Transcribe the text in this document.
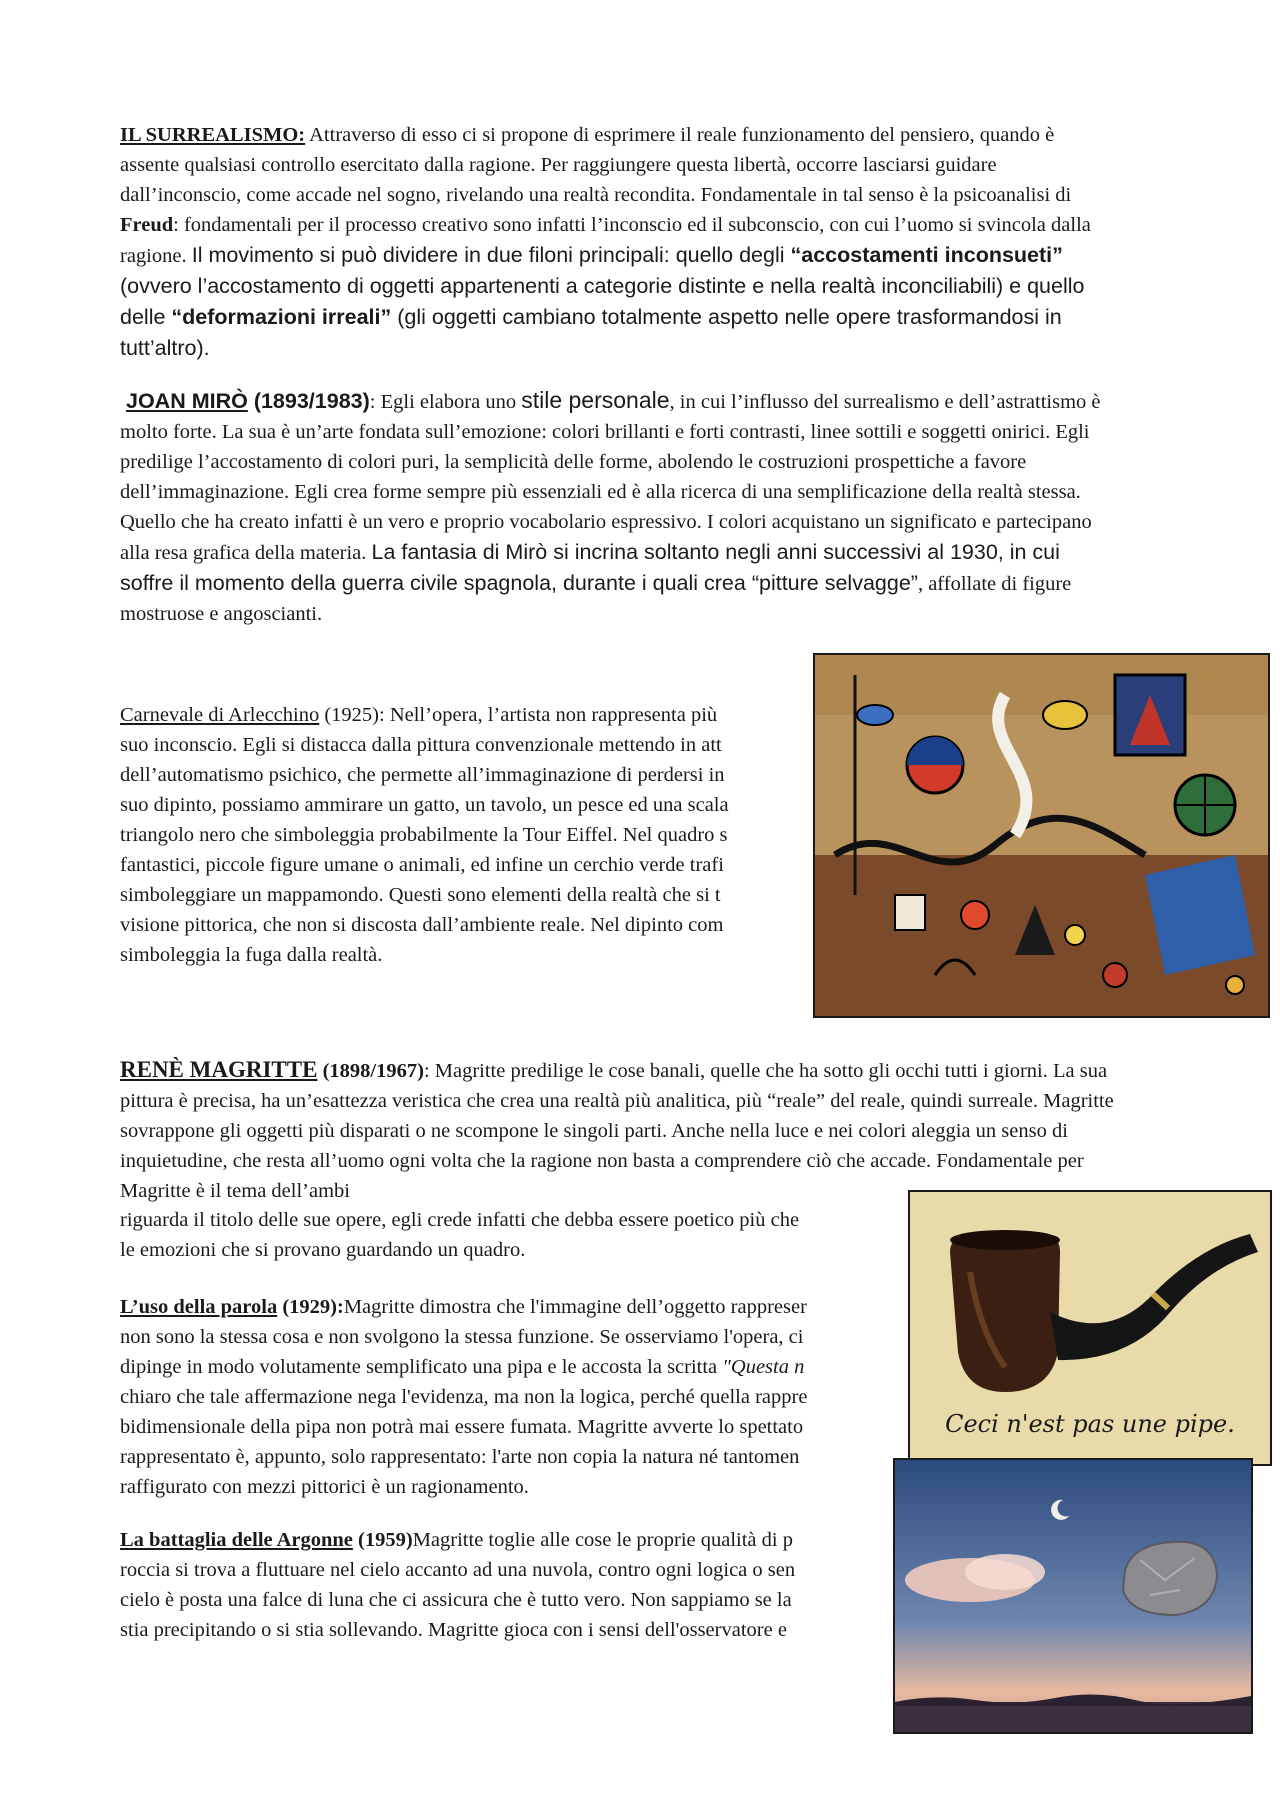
IL SURREALISMO: Attraverso di esso ci si propone di esprimere il reale funzionamento del pensiero, quando è assente qualsiasi controllo esercitato dalla ragione. Per raggiungere questa libertà, occorre lasciarsi guidare dall’inconscio, come accade nel sogno, rivelando una realtà recondita. Fondamentale in tal senso è la psicoanalisi di Freud: fondamentali per il processo creativo sono infatti l’inconscio ed il subconscio, con cui l’uomo si svincola dalla ragione. Il movimento si può dividere in due filoni principali: quello degli “accostamenti inconsueti” (ovvero l’accostamento di oggetti appartenenti a categorie distinte e nella realtà inconciliabili) e quello delle “deformazioni irreali” (gli oggetti cambiano totalmente aspetto nelle opere trasformandosi in tutt’altro).

JOAN MIRÒ (1893/1983): Egli elabora uno stile personale, in cui l’influsso del surrealismo e dell’astrattismo è molto forte. La sua è un’arte fondata sull’emozione: colori brillanti e forti contrasti, linee sottili e soggetti onirici. Egli predilige l’accostamento di colori puri, la semplicità delle forme, abolendo le costruzioni prospettiche a favore dell’immaginazione. Egli crea forme sempre più essenziali ed è alla ricerca di una semplificazione della realtà stessa. Quello che ha creato infatti è un vero e proprio vocabolario espressivo. I colori acquistano un significato e partecipano alla resa grafica della materia. La fantasia di Mirò si incrina soltanto negli anni successivi al 1930, in cui soffre il momento della guerra civile spagnola, durante i quali crea “pitture selvagge”, affollate di figure mostruose e angoscianti.

Carnevale di Arlecchino (1925): Nell’opera, l’artista non rappresenta più
suo inconscio. Egli si distacca dalla pittura convenzionale mettendo in att
dell’automatismo psichico, che permette all’immaginazione di perdersi in
suo dipinto, possiamo ammirare un gatto, un tavolo, un pesce ed una scala
triangolo nero che simboleggia probabilmente la Tour Eiffel. Nel quadro s
fantastici, piccole figure umane o animali, ed infine un cerchio verde trafi
simboleggiare un mappamondo. Questi sono elementi della realtà che si t
visione pittorica, che non si discosta dall’ambiente reale. Nel dipinto com
simboleggia la fuga dalla realtà.
RENÈ MAGRITTE (1898/1967): Magritte predilige le cose banali, quelle che ha sotto gli occhi tutti i giorni. La sua pittura è precisa, ha un’esattezza veristica che crea una realtà più analitica, più “reale” del reale, quindi surreale. Magritte sovrappone gli oggetti più disparati o ne scompone le singoli parti. Anche nella luce e nei colori aleggia un senso di inquietudine, che resta all’uomo ogni volta che la ragione non basta a comprendere ciò che accade. Fondamentale per Magritte è il tema dell’ambi
riguarda il titolo delle sue opere, egli crede infatti che debba essere poetico più che
le emozioni che si provano guardando un quadro.
L’uso della parola (1929):Magritte dimostra che l'immagine dell’oggetto rappreser
non sono la stessa cosa e non svolgono la stessa funzione. Se osserviamo l'opera, ci
dipinge in modo volutamente semplificato una pipa e le accosta la scritta "Questa n
chiaro che tale affermazione nega l'evidenza, ma non la logica, perché quella rappre
bidimensionale della pipa non potrà mai essere fumata. Magritte avverte lo spettato
rappresentato è, appunto, solo rappresentato: l'arte non copia la natura né tantomen
raffigurato con mezzi pittorici è un ragionamento.
Ceci n'est pas une pipe.
La battaglia delle Argonne (1959)Magritte toglie alle cose le proprie qualità di p
roccia si trova a fluttuare nel cielo accanto ad una nuvola, contro ogni logica o sen
cielo è posta una falce di luna che ci assicura che è tutto vero. Non sappiamo se la
stia precipitando o si stia sollevando. Magritte gioca con i sensi dell'osservatore e
